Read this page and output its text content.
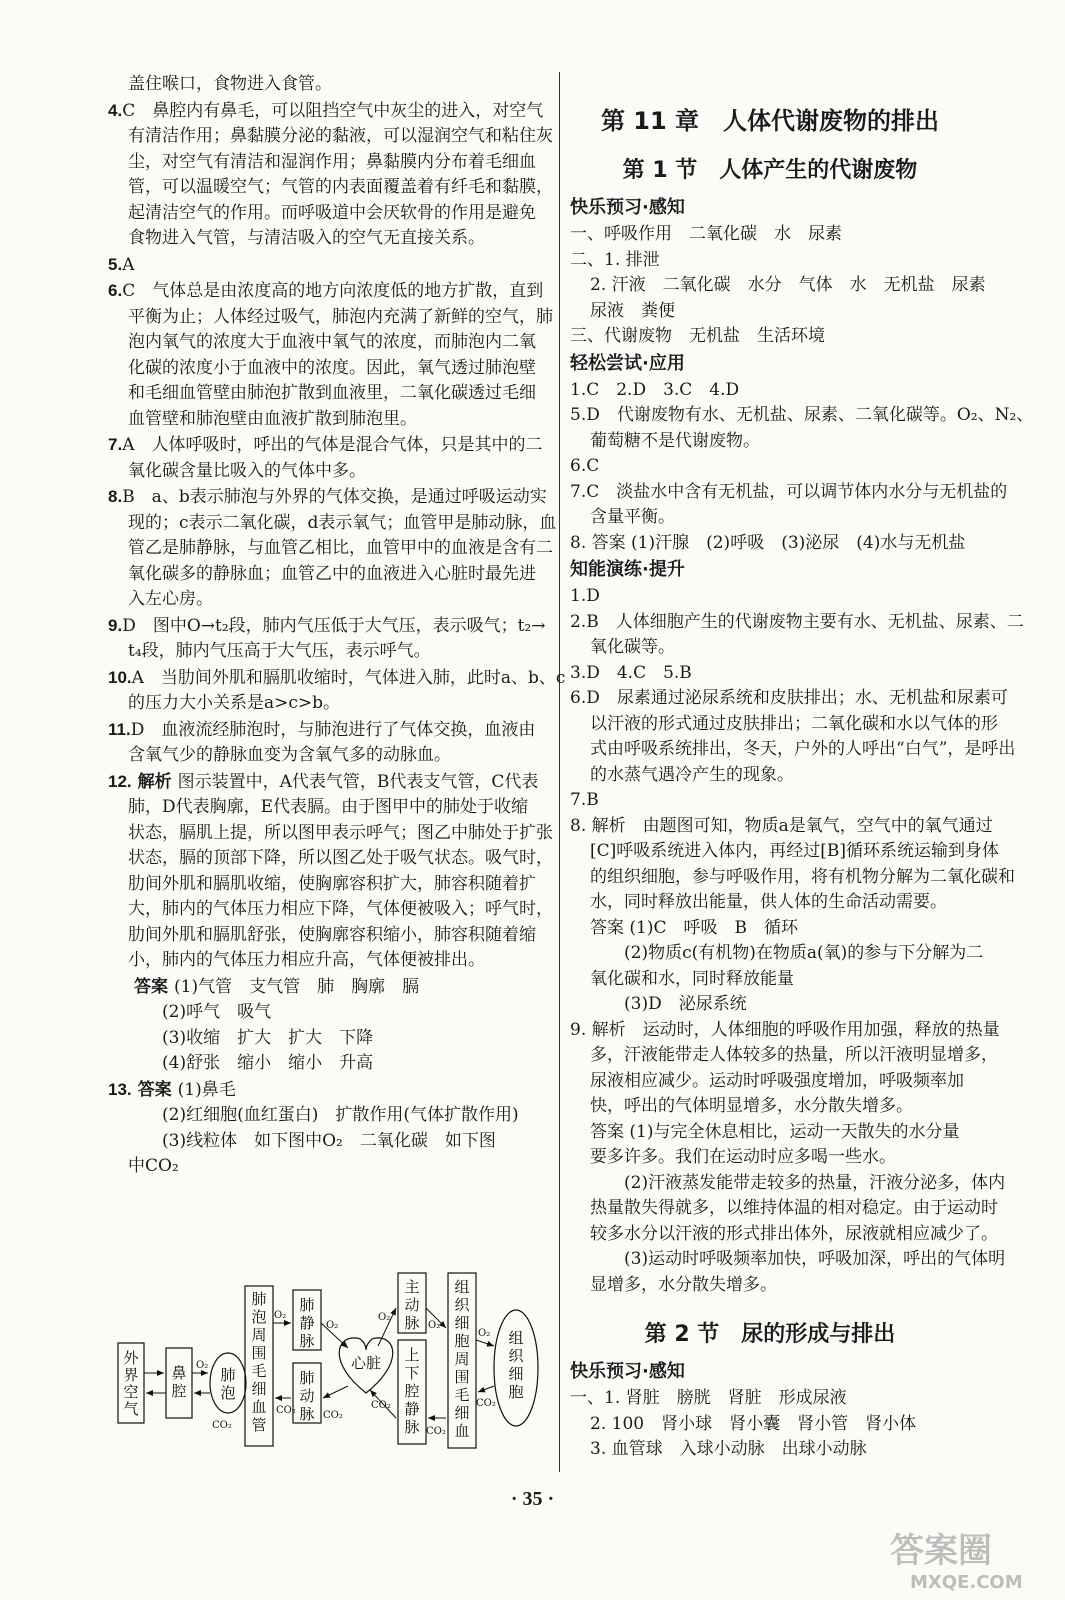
盖住喉口，食物进入食管。
4.C　鼻腔内有鼻毛，可以阻挡空气中灰尘的进入，对空气
有清洁作用；鼻黏膜分泌的黏液，可以湿润空气和粘住灰
尘，对空气有清洁和湿润作用；鼻黏膜内分布着毛细血
管，可以温暖空气；气管的内表面覆盖着有纤毛和黏膜，
起清洁空气的作用。而呼吸道中会厌软骨的作用是避免
食物进入气管，与清洁吸入的空气无直接关系。
5.A
6.C　气体总是由浓度高的地方向浓度低的地方扩散，直到
平衡为止；人体经过吸气，肺泡内充满了新鲜的空气，肺
泡内氧气的浓度大于血液中氧气的浓度，而肺泡内二氧
化碳的浓度小于血液中的浓度。因此，氧气透过肺泡壁
和毛细血管壁由肺泡扩散到血液里，二氧化碳透过毛细
血管壁和肺泡壁由血液扩散到肺泡里。
7.A　人体呼吸时，呼出的气体是混合气体，只是其中的二
氧化碳含量比吸入的气体中多。
8.B　a、b表示肺泡与外界的气体交换，是通过呼吸运动实
现的；c表示二氧化碳，d表示氧气；血管甲是肺动脉，血
管乙是肺静脉，与血管乙相比，血管甲中的血液是含有二
氧化碳多的静脉血；血管乙中的血液进入心脏时最先进
入左心房。
9.D　图中O→t₂段，肺内气压低于大气压，表示吸气；t₂→
t₄段，肺内气压高于大气压，表示呼气。
10.A　当肋间外肌和膈肌收缩时，气体进入肺，此时a、b、c
的压力大小关系是a>c>b。
11.D　血液流经肺泡时，与肺泡进行了气体交换，血液由
含氧气少的静脉血变为含氧气多的动脉血。
12. 解析 图示装置中，A代表气管，B代表支气管，C代表
肺，D代表胸廓，E代表膈。由于图甲中的肺处于收缩
状态，膈肌上提，所以图甲表示呼气；图乙中肺处于扩张
状态，膈的顶部下降，所以图乙处于吸气状态。吸气时，
肋间外肌和膈肌收缩，使胸廓容积扩大，肺容积随着扩
大，肺内的气体压力相应下降，气体便被吸入；呼气时，
肋间外肌和膈肌舒张，使胸廓容积缩小，肺容积随着缩
小，肺内的气体压力相应升高，气体便被排出。
答案 (1)气管　支气管　肺　胸廓　膈
(2)呼气　吸气
(3)收缩　扩大　扩大　下降
(4)舒张　缩小　缩小　升高
13. 答案 (1)鼻毛
(2)红细胞(血红蛋白)　扩散作用(气体扩散作用)
(3)线粒体　如下图中O₂　二氧化碳　如下图
中CO₂
第 11 章　人体代谢废物的排出
第 1 节　人体产生的代谢废物
快乐预习·感知
一、呼吸作用　二氧化碳　水　尿素
二、1. 排泄
2. 汗液　二氧化碳　水分　气体　水　无机盐　尿素
尿液　粪便
三、代谢废物　无机盐　生活环境
轻松尝试·应用
1.C　2.D　3.C　4.D
5.D　代谢废物有水、无机盐、尿素、二氧化碳等。O₂、N₂、
葡萄糖不是代谢废物。
6.C
7.C　淡盐水中含有无机盐，可以调节体内水分与无机盐的
含量平衡。
8. 答案 (1)汗腺　(2)呼吸　(3)泌尿　(4)水与无机盐
知能演练·提升
1.D
2.B　人体细胞产生的代谢废物主要有水、无机盐、尿素、二
氧化碳等。
3.D　4.C　5.B
6.D　尿素通过泌尿系统和皮肤排出；水、无机盐和尿素可
以汗液的形式通过皮肤排出；二氧化碳和水以气体的形
式由呼吸系统排出，冬天，户外的人呼出“白气”，是呼出
的水蒸气遇冷产生的现象。
7.B
8. 解析　由题图可知，物质a是氧气，空气中的氧气通过
[C]呼吸系统进入体内，再经过[B]循环系统运输到身体
的组织细胞，参与呼吸作用，将有机物分解为二氧化碳和
水，同时释放出能量，供人体的生命活动需要。
答案 (1)C　呼吸　B　循环
(2)物质c(有机物)在物质a(氧)的参与下分解为二
氧化碳和水，同时释放能量
(3)D　泌尿系统
9. 解析　运动时，人体细胞的呼吸作用加强，释放的热量
多，汗液能带走人体较多的热量，所以汗液明显增多，
尿液相应减少。运动时呼吸强度增加，呼吸频率加
快，呼出的气体明显增多，水分散失增多。
答案 (1)与完全休息相比，运动一天散失的水分量
要多许多。我们在运动时应多喝一些水。
(2)汗液蒸发能带走较多的热量，汗液分泌多，体内
热量散失得就多，以维持体温的相对稳定。由于运动时
较多水分以汗液的形式排出体外，尿液就相应减少了。
(3)运动时呼吸频率加快，呼吸加深，呼出的气体明
显增多，水分散失增多。
第 2 节　尿的形成与排出
快乐预习·感知
一、1. 肾脏　膀胱　肾脏　形成尿液
2. 100　肾小球　肾小囊　肾小管　肾小体
3. 血管球　入球小动脉　出球小动脉
外
界
空
气
鼻
腔
肺
泡
肺
泡
周
围
毛
细
血
管
肺
静
脉
肺
动
脉
心脏
主
动
脉
上
下
腔
静
脉
组
织
细
胞
周
围
毛
细
血
组
织
细
胞
O₂
CO₂
O₂
O₂
CO₂	CO₂
O₂
CO₂
O₂
CO₂
O₂
CO₂
· 35 ·
答案圈
MXQE.COM
